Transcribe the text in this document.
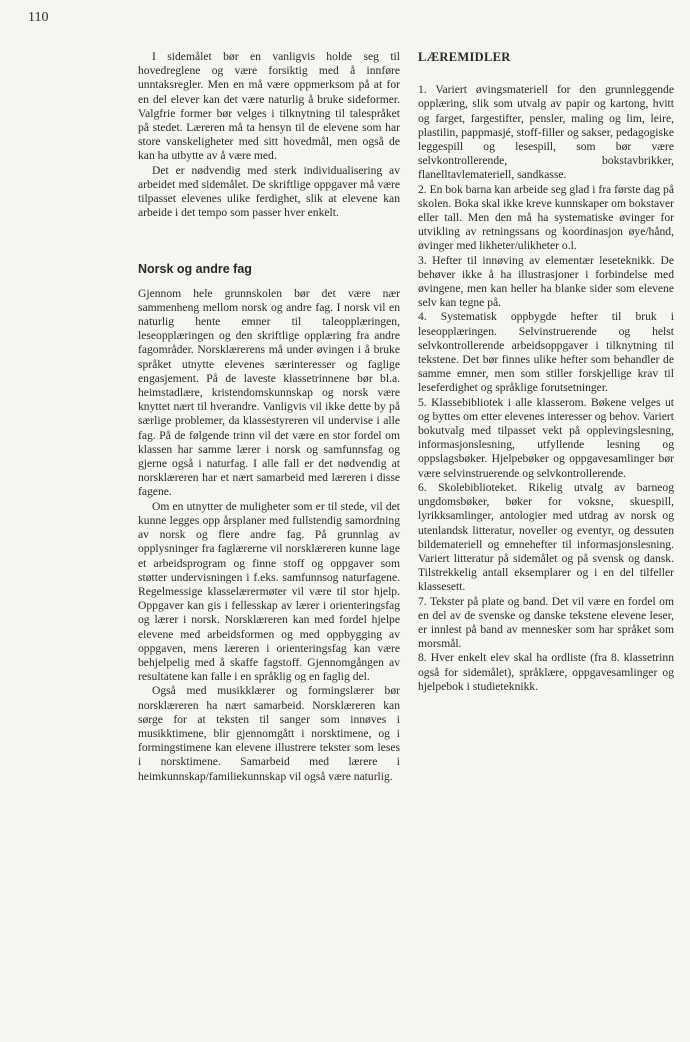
110

I sidemålet bør en vanligvis holde seg til hovedreglene og være forsiktig med å innføre unntaksregler. Men en må være oppmerksom på at for en del elever kan det være naturlig å bruke sideformer. Valgfrie former bør velges i tilknytning til talespråket på stedet. Læreren må ta hensyn til de elevene som har store vanskeligheter med sitt hovedmål, men også de kan ha utbytte av å være med.

Det er nødvendig med sterk individualisering av arbeidet med sidemålet. De skriftlige oppgaver må være tilpasset elevenes ulike ferdighet, slik at elevene kan arbeide i det tempo som passer hver enkelt.

Norsk og andre fag

Gjennom hele grunnskolen bør det være nær sammenheng mellom norsk og andre fag. I norsk vil en naturlig hente emner til taleopplæringen, leseopplæringen og den skriftlige opplæring fra andre fagområder. Norsklærerens må under øvingen i å bruke språket utnytte elevenes særinteresser og faglige engasjement. På de laveste klassetrinnene bør bl.a. heimstadlære, kristendomskunnskap og norsk være knyttet nært til hverandre. Vanligvis vil ikke dette by på særlige problemer, da klassestyreren vil undervise i alle fag. På de følgende trinn vil det være en stor fordel om klassen har samme lærer i norsk og samfunnsfag og gjerne også i naturfag. I alle fall er det nødvendig at norsklæreren har et nært samarbeid med læreren i disse fagene.

Om en utnytter de muligheter som er til stede, vil det kunne legges opp årsplaner med fullstendig samordning av norsk og flere andre fag. På grunnlag av opplysninger fra faglærerne vil norsklæreren kunne lage et arbeidsprogram og finne stoff og oppgaver som støtter undervisningen i f.eks. samfunnsog naturfagene. Regelmessige klasselærermøter vil være til stor hjelp. Oppgaver kan gis i fellesskap av lærer i orienteringsfag og lærer i norsk. Norsklæreren kan med fordel hjelpe elevene med arbeidsformen og med oppbygging av oppgaven, mens læreren i orienteringsfag kan være behjelpelig med å skaffe fagstoff. Gjennomgången av resultatene kan falle i en språklig og en faglig del.

Også med musikklærer og formingslærer bør norsklæreren ha nært samarbeid. Norsklæreren kan sørge for at teksten til sanger som innøves i musikktimene, blir gjennomgått i norsktimene, og i formingstimene kan elevene illustrere tekster som leses i norsktimene. Samarbeid med lærere i heimkunnskap/familiekunnskap vil også være naturlig.

LÆREMIDLER

1. Variert øvingsmateriell for den grunnleggende opplæring, slik som utvalg av papir og kartong, hvitt og farget, fargestifter, pensler, maling og lim, leire, plastilin, pappmasjé, stoff-filler og sakser, pedagogiske leggespill og lesespill, som bør være selvkontrollerende, bokstavbrikker, flanelltavlemateriell, sandkasse.

2. En bok barna kan arbeide seg glad i fra første dag på skolen. Boka skal ikke kreve kunnskaper om bokstaver eller tall. Men den må ha systematiske øvinger for utvikling av retningssans og koordinasjon øye/hånd, øvinger med likheter/ulikheter o.l.

3. Hefter til innøving av elementær leseteknikk. De behøver ikke å ha illustrasjoner i forbindelse med øvingene, men kan heller ha blanke sider som elevene selv kan tegne på.

4. Systematisk oppbygde hefter til bruk i leseopplæringen. Selvinstruerende og helst selvkontrollerende arbeidsoppgaver i tilknytning til tekstene. Det bør finnes ulike hefter som behandler de samme emner, men som stiller forskjellige krav til leseferdighet og språklige forutsetninger.

5. Klassebibliotek i alle klasserom. Bøkene velges ut og byttes om etter elevenes interesser og behov. Variert bokutvalg med tilpasset vekt på opplevingslesning, informasjonslesning, utfyllende lesning og oppslagsbøker. Hjelpebøker og oppgavesamlinger bør være selvinstruerende og selvkontrollerende.

6. Skolebiblioteket. Rikelig utvalg av barneog ungdomsbøker, bøker for voksne, skuespill, lyrikksamlinger, antologier med utdrag av norsk og utenlandsk litteratur, noveller og eventyr, og dessuten bildemateriell og emnehefter til informasjonslesning. Variert litteratur på sidemålet og på svensk og dansk. Tilstrekkelig antall eksemplarer og i en del tilfeller klassesett.

7. Tekster på plate og band. Det vil være en fordel om en del av de svenske og danske tekstene elevene leser, er innlest på band av mennesker som har språket som morsmål.

8. Hver enkelt elev skal ha ordliste (fra 8. klassetrinn også for sidemålet), språklære, oppgavesamlinger og hjelpebok i studieteknikk.
